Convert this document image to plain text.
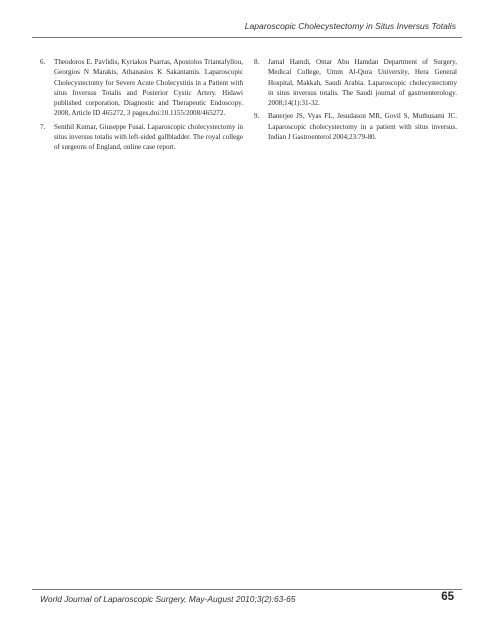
Laparoscopic Cholecystectomy in Situs Inversus Totalis
6. Theodoros E. Pavlidis, Kyriakos Psarras, Apostolos Triantafyllou, Georgios N Marakis, Athanasios K Sakantamis. Laparoscopic Cholecystectomy for Severe Acute Cholecystitis in a Patient with situs Inversus Totalis and Posterior Cystic Artery. Hidawi published corporation, Diagnostic and Therapeutic Endoscopy. 2008, Article ID 465272, 3 pages,doi:10.1155/2008/465272.
7. Senthil Kumar, Giuseppe Fusai. Laparoscopic cholecystectomy in situs inversus totalis with left-sided gallbladder. The royal college of surgeons of England, online case report.
8. Jamal Hamdi, Omar Abu Hamdan Department of Surgery, Medical College, Umm Al-Qura University, Hera General Hospital, Makkah, Saudi Arabia. Laparoscopic cholecystectomy in situs inversus totalis. The Saudi journal of gastroenterology. 2008;14(1):31-32.
9. Banerjee JS, Vyas FL, Jesudason MR, Govil S, Muthusami JC. Laparoscopic cholecystectomy in a patient with situs inversus. Indian J Gastroenterol 2004;23:79-80.
World Journal of Laparoscopic Surgery, May-August 2010;3(2):63-65	65
